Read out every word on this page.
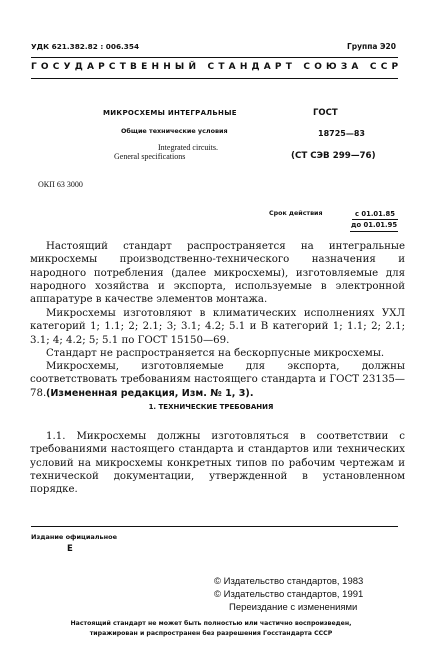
УДК 621.382.82 : 006.354	Группа Э20
ГОСУДАРСТВЕННЫЙ СТАНДАРТ СОЮЗА ССР
МИКРОСХЕМЫ ИНТЕГРАЛЬНЫЕ
Общие технические условия
Integrated circuits.
General specifications
ГОСТ
18725—83
(СТ СЭВ 299—76)
ОКП 63 3000
Срок действия	с 01.01.85
до 01.01.95

Настоящий стандарт распространяется на интегральные микросхемы производственно-технического назначения и народного потребления (далее микросхемы), изготовляемые для народного хозяйства и экспорта, используемые в электронной аппаратуре в качестве элементов монтажа.

Микросхемы изготовляют в климатических исполнениях УХЛ категорий 1; 1.1; 2; 2.1; 3; 3.1; 4.2; 5.1 и В категорий 1; 1.1; 2; 2.1; 3.1; 4; 4.2; 5; 5.1 по ГОСТ 15150—69.

Стандарт не распространяется на бескорпусные микросхемы.

Микросхемы, изготовляемые для экспорта, должны соответствовать требованиям настоящего стандарта и ГОСТ 23135—78. (Измененная редакция, Изм. № 1, 3).

1. ТЕХНИЧЕСКИЕ ТРЕБОВАНИЯ

1.1. Микросхемы должны изготовляться в соответствии с требованиями настоящего стандарта и стандартов или технических условий на микросхемы конкретных типов по рабочим чертежам и технической документации, утвержденной в установленном порядке.

Издание официальное
Е
© Издательство стандартов, 1983
© Издательство стандартов, 1991
Переиздание с изменениями
Настоящий стандарт не может быть полностью или частично воспроизведен,
тиражирован и распространен без разрешения Госстандарта СССР
